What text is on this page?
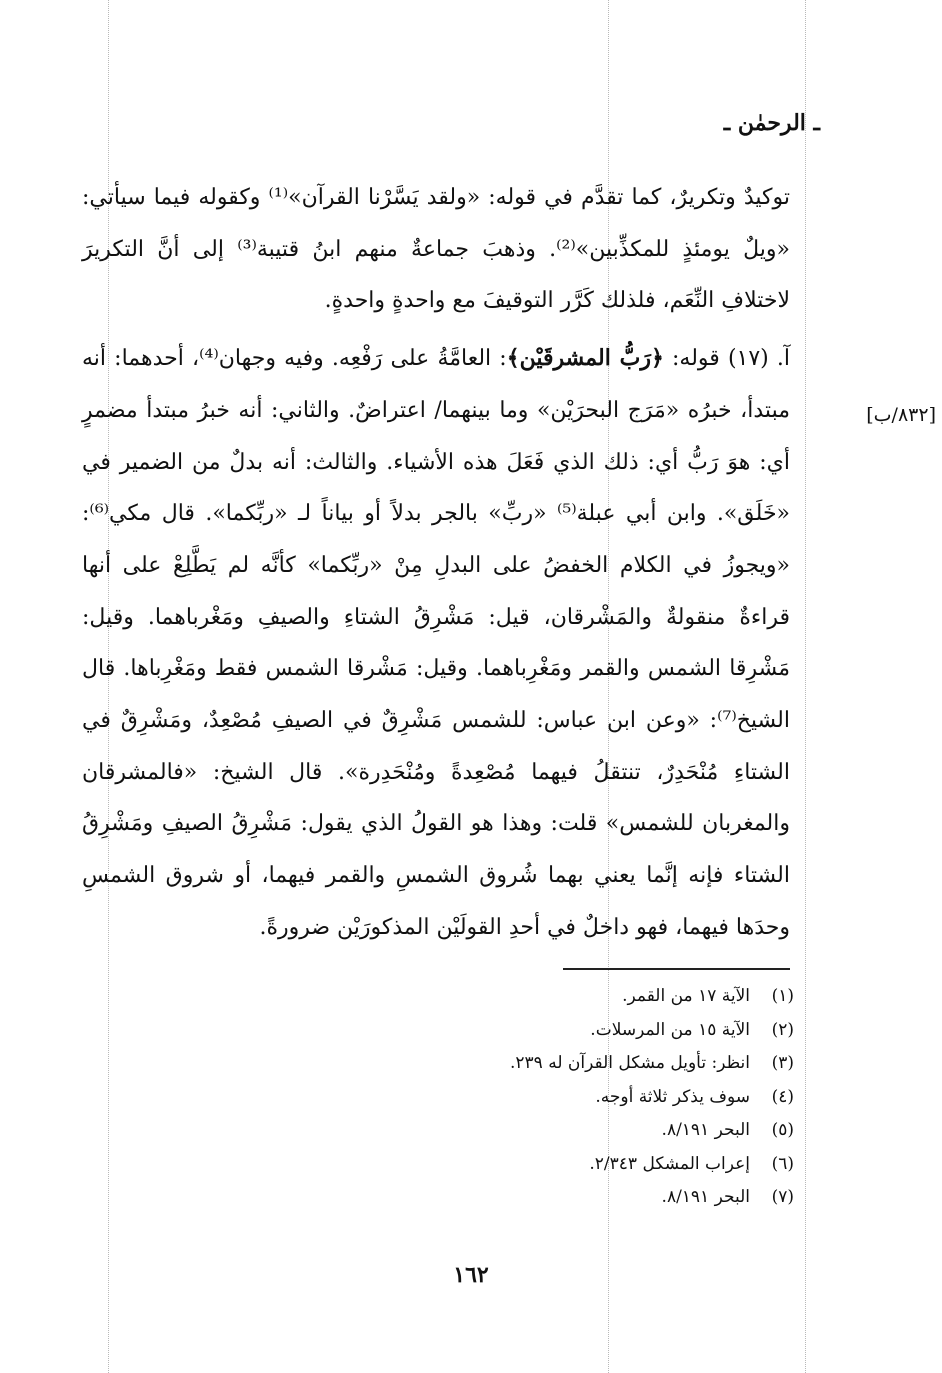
ـ الرحمٰن ـ

توكيدٌ وتكريرٌ، كما تقدَّم في قوله: «ولقد يَسَّرْنا القرآن»⁽¹⁾ وكقوله فيما سيأتي: «ويلٌ يومئذٍ للمكذِّبين»⁽²⁾. وذهبَ جماعةٌ منهم ابنُ قتيبة⁽³⁾ إلى أنَّ التكريرَ لاختلافِ النِّعَم، فلذلك كَرَّر التوقيفَ مع واحدةٍ واحدةٍ.

آ. (١٧) قوله: ﴿رَبُّ المشرقَيْن﴾: العامَّةُ على رَفْعِه. وفيه وجهان⁽⁴⁾، أحدهما: أنه مبتدأ، خبرُه «مَرَج البحرَيْن» وما بينهما/ اعتراضٌ. والثاني: أنه خبرُ مبتدأ مضمرٍ أي: هوَ رَبُّ أي: ذلك الذي فَعَلَ هذه الأشياء. والثالث: أنه بدلٌ من الضمير في «خَلَق». وابن أبي عبلة⁽⁵⁾ «ربِّ» بالجر بدلاً أو بياناً لـ «ربِّكما». قال مكي⁽⁶⁾: «ويجوزُ في الكلام الخفضُ على البدلِ مِنْ «ربِّكما» كأنَّه لم يَطَّلِعْ على أنها قراءةٌ منقولةٌ والمَشْرقان، قيل: مَشْرِقُ الشتاءِ والصيفِ ومَغْرباهما. وقيل: مَشْرِقا الشمس والقمر ومَغْرِباهما. وقيل: مَشْرقا الشمس فقط ومَغْرِباها. قال الشيخ⁽⁷⁾: «وعن ابن عباس: للشمس مَشْرِقٌ في الصيفِ مُصْعِدٌ، ومَشْرِقٌ في الشتاءِ مُنْحَدِرٌ، تنتقلُ فيهما مُصْعِدةً ومُنْحَدِرة». قال الشيخ: «فالمشرقان والمغربان للشمس» قلت: وهذا هو القولُ الذي يقول: مَشْرِقُ الصيفِ ومَشْرِقُ الشتاء فإنه إنَّما يعني بهما شُروق الشمسِ والقمر فيهما، أو شروق الشمسِ وحدَها فيهما، فهو داخلٌ في أحدِ القولَيْن المذكورَيْن ضرورةً.

[٨٣٢/ب]
(١)الآية ١٧ من القمر.
(٢)الآية ١٥ من المرسلات.
(٣)انظر: تأويل مشكل القرآن له ٢٣٩.
(٤)سوف يذكر ثلاثة أوجه.
(٥)البحر ٨/١٩١.
(٦)إعراب المشكل ٢/٣٤٣.
(٧)البحر ٨/١٩١.
١٦٢
